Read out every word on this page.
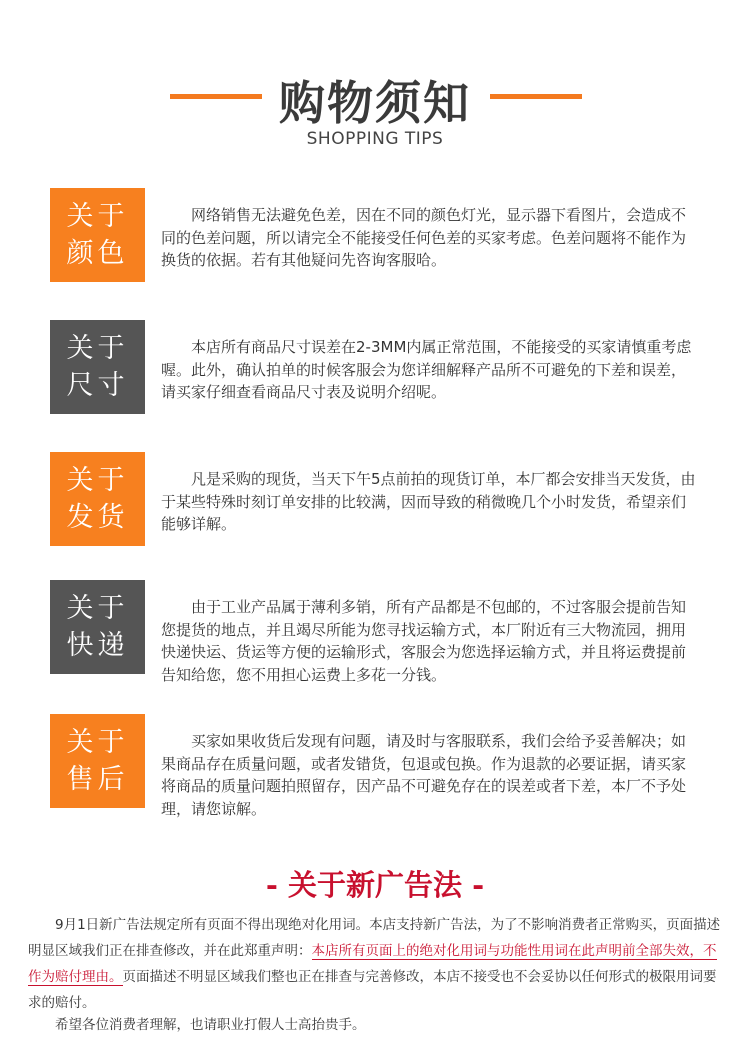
购物须知
SHOPPING TIPS
关于
颜色
网络销售无法避免色差，因在不同的颜色灯光，显示器下看图片，会造成不同的色差问题，所以请完全不能接受任何色差的买家考虑。色差问题将不能作为换货的依据。若有其他疑问先咨询客服哈。
关于
尺寸
本店所有商品尺寸误差在2-3MM内属正常范围，不能接受的买家请慎重考虑喔。此外，确认拍单的时候客服会为您详细解释产品所不可避免的下差和误差，请买家仔细查看商品尺寸表及说明介绍呢。
关于
发货
凡是采购的现货，当天下午5点前拍的现货订单，本厂都会安排当天发货，由于某些特殊时刻订单安排的比较满，因而导致的稍微晚几个小时发货，希望亲们能够详解。
关于
快递
由于工业产品属于薄利多销，所有产品都是不包邮的，不过客服会提前告知您提货的地点，并且竭尽所能为您寻找运输方式，本厂附近有三大物流园，拥用快递快运、货运等方便的运输形式，客服会为您选择运输方式，并且将运费提前告知给您，您不用担心运费上多花一分钱。
关于
售后
买家如果收货后发现有问题，请及时与客服联系，我们会给予妥善解决；如果商品存在质量问题，或者发错货，包退或包换。作为退款的必要证据，请买家将商品的质量问题拍照留存，因产品不可避免存在的误差或者下差，本厂不予处理，请您谅解。
- 关于新广告法 -
9月1日新广告法规定所有页面不得出现绝对化用词。本店支持新广告法，为了不影响消费者正常购买，页面描述明显区域我们正在排查修改，并在此郑重声明：本店所有页面上的绝对化用词与功能性用词在此声明前全部失效，不作为赔付理由。页面描述不明显区域我们整也正在排查与完善修改，本店不接受也不会妥协以任何形式的极限用词要求的赔付。
希望各位消费者理解，也请职业打假人士高抬贵手。
